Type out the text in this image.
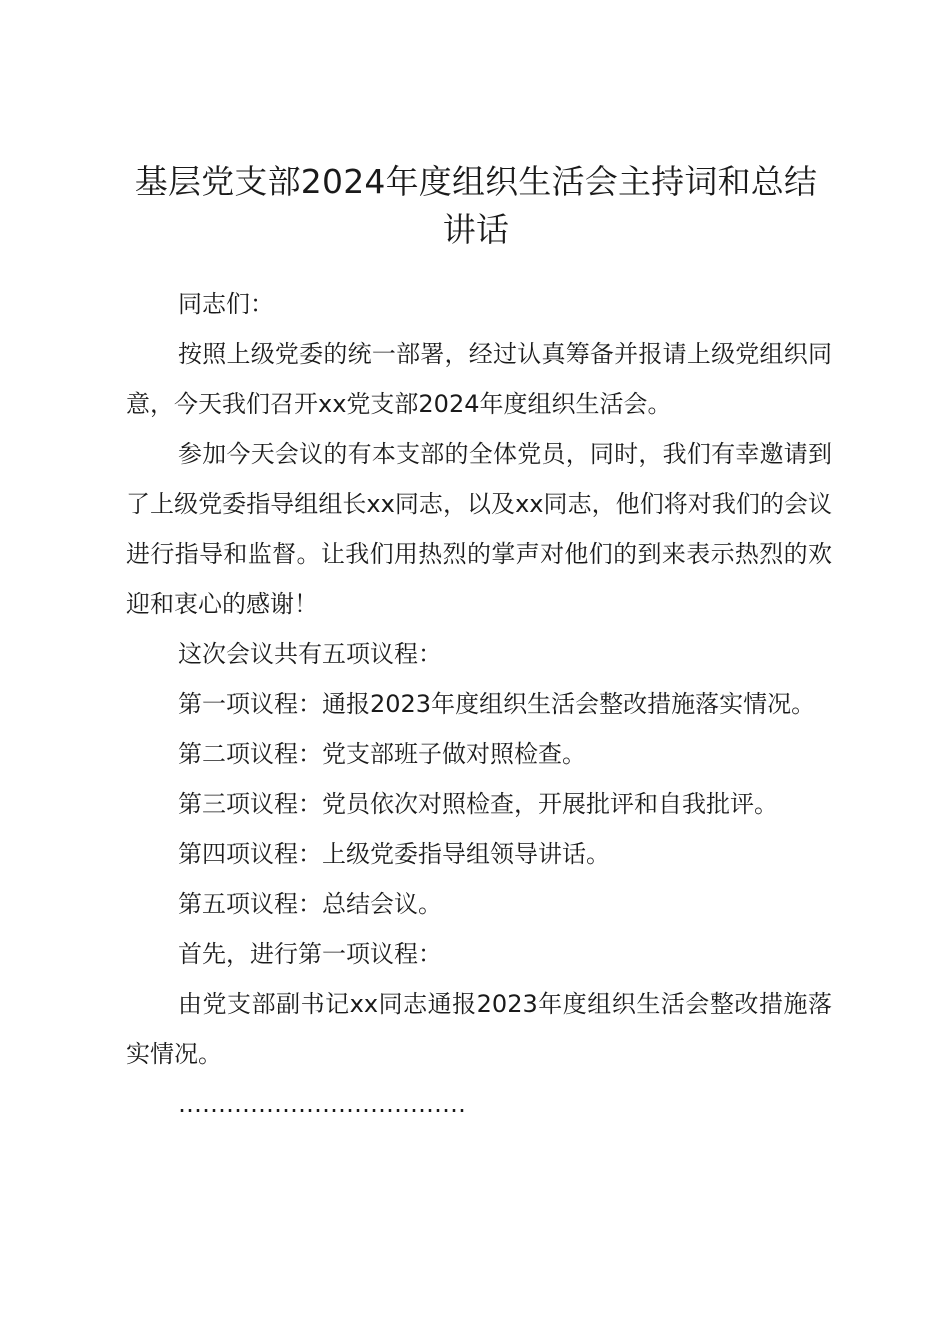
基层党支部2024年度组织生活会主持词和总结讲话

同志们：

按照上级党委的统一部署，经过认真筹备并报请上级党组织同意，今天我们召开xx党支部2024年度组织生活会。

参加今天会议的有本支部的全体党员，同时，我们有幸邀请到了上级党委指导组组长xx同志，以及xx同志，他们将对我们的会议进行指导和监督。让我们用热烈的掌声对他们的到来表示热烈的欢迎和衷心的感谢！

这次会议共有五项议程：

第一项议程：通报2023年度组织生活会整改措施落实情况。

第二项议程：党支部班子做对照检查。

第三项议程：党员依次对照检查，开展批评和自我批评。

第四项议程：上级党委指导组领导讲话。

第五项议程：总结会议。

首先，进行第一项议程：

由党支部副书记xx同志通报2023年度组织生活会整改措施落实情况。

………………………………
